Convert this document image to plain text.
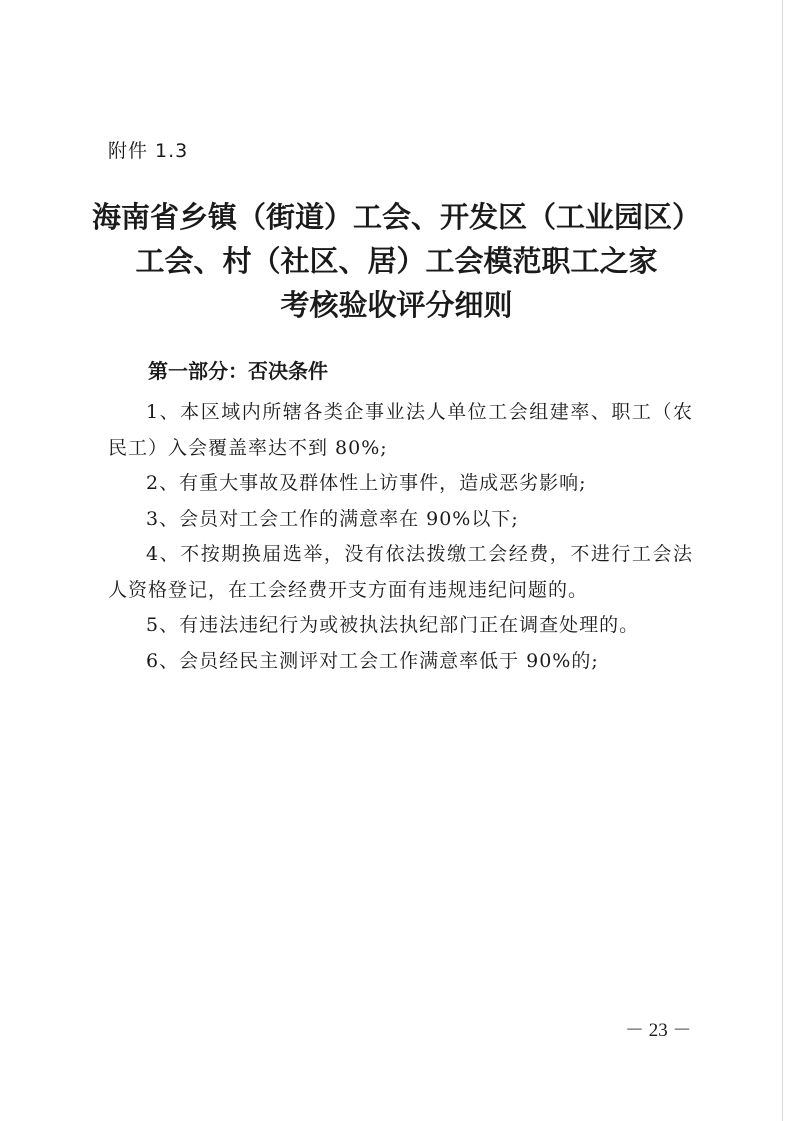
附件 1.3
海南省乡镇（街道）工会、开发区（工业园区）
工会、村（社区、居）工会模范职工之家
考核验收评分细则
第一部分：否决条件

1、本区域内所辖各类企事业法人单位工会组建率、职工（农民工）入会覆盖率达不到 80%;

2、有重大事故及群体性上访事件，造成恶劣影响;

3、会员对工会工作的满意率在 90%以下;

4、不按期换届选举，没有依法拨缴工会经费，不进行工会法人资格登记，在工会经费开支方面有违规违纪问题的。

5、有违法违纪行为或被执法执纪部门正在调查处理的。

6、会员经民主测评对工会工作满意率低于 90%的;

－ 23 －
